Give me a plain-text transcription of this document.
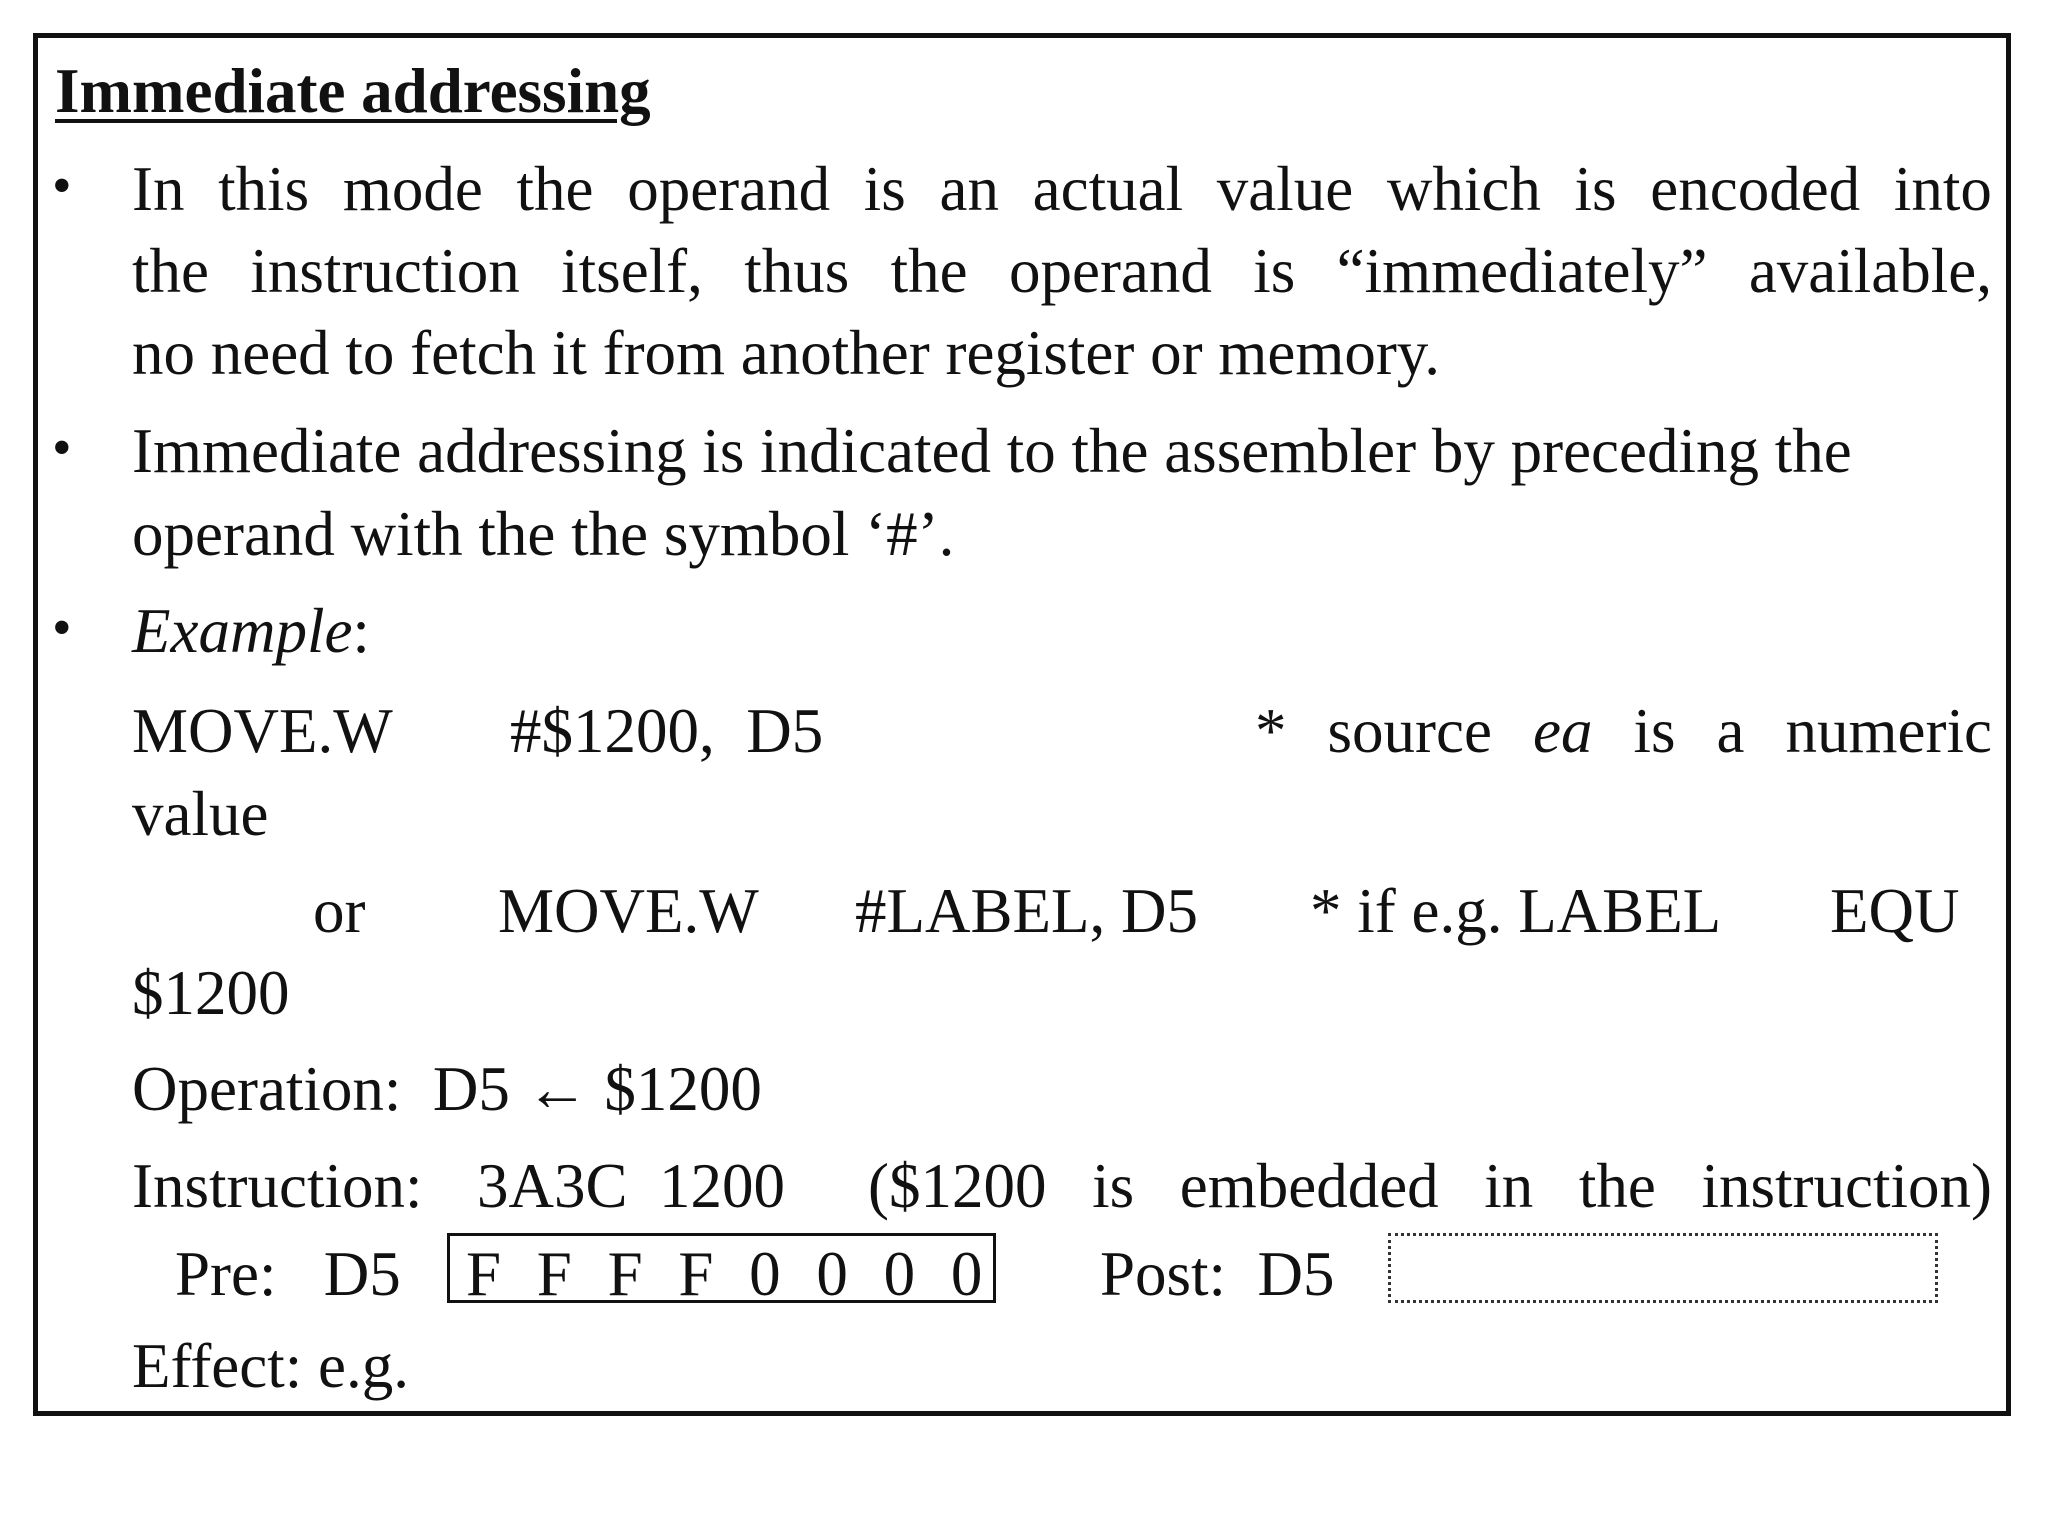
Immediate addressing
• In this mode the operand is an actual value which is encoded into
the instruction itself, thus the operand is “immediately” available,
no need to fetch it from another register or memory.
• Immediate addressing is indicated to the assembler by preceding the
operand with the the symbol ‘#’.
• Example:
MOVE.W #$1200,  D5	* source ea is a numeric
value
or MOVE.W #LABEL, D5 * if e.g. LABEL EQU
$1200
Operation:  D5 ← $1200
Instruction: 3A3C  1200 ($1200 is embedded in the instruction)
Pre:   D5 F F F F 0 0 0 0 Post:  D5
Effect: e.g.
